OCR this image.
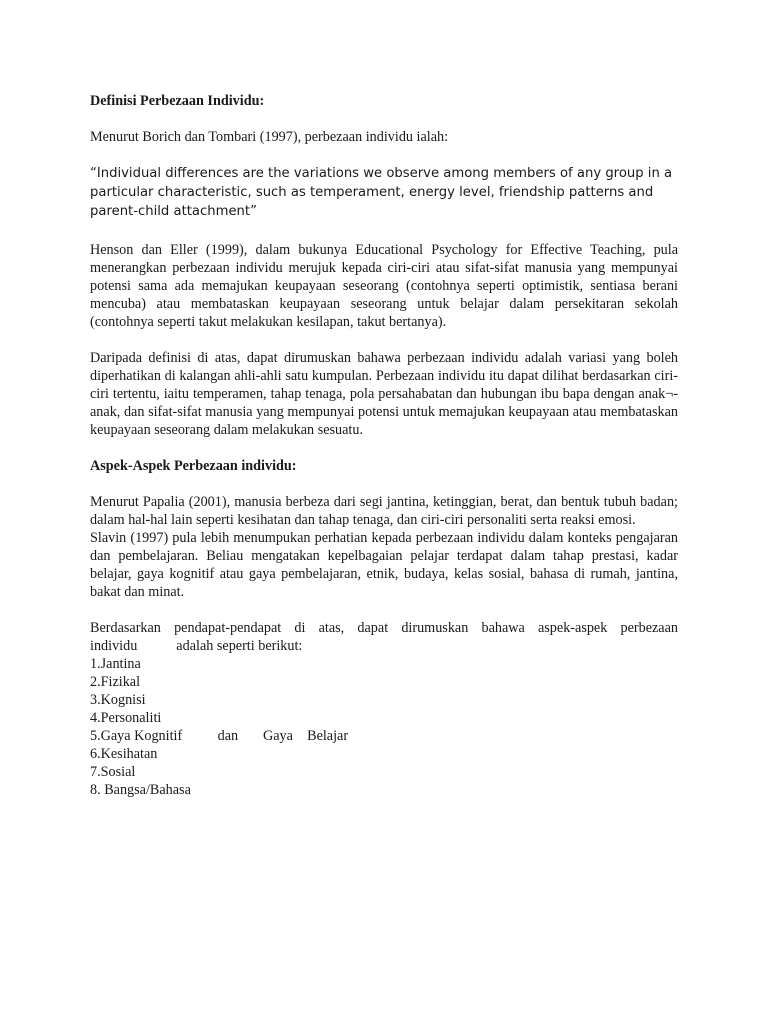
Definisi Perbezaan Individu:

Menurut Borich dan Tombari (1997), perbezaan individu ialah:

“Individual differences are the variations we observe among members of any group in a particular characteristic, such as temperament, energy level, friendship patterns and parent-child attachment”

Henson dan Eller (1999), dalam bukunya Educational Psychology for Effective Teaching, pula menerangkan perbezaan individu merujuk kepada ciri-ciri atau sifat-sifat manusia yang mempunyai potensi sama ada memajukan keupayaan seseorang (contohnya seperti optimistik, sentiasa berani mencuba) atau membataskan keupayaan seseorang untuk belajar dalam persekitaran sekolah (contohnya seperti takut melakukan kesilapan, takut bertanya).

Daripada definisi di atas, dapat dirumuskan bahawa perbezaan individu adalah variasi yang boleh diperhatikan di kalangan ahli-ahli satu kumpulan. Perbezaan individu itu dapat dilihat berdasarkan ciri-ciri tertentu, iaitu temperamen, tahap tenaga, pola persahabatan dan hubungan ibu bapa dengan anak¬-anak, dan sifat-sifat manusia yang mempunyai potensi untuk memajukan keupayaan atau membataskan keupayaan seseorang dalam melakukan sesuatu.

Aspek-Aspek Perbezaan individu:

Menurut Papalia (2001), manusia berbeza dari segi jantina, ketinggian, berat, dan bentuk tubuh badan; dalam hal-hal lain seperti kesihatan dan tahap tenaga, dan ciri-ciri personaliti serta reaksi emosi.

Slavin (1997) pula lebih menumpukan perhatian kepada perbezaan individu dalam konteks pengajaran dan pembelajaran. Beliau mengatakan kepelbagaian pelajar terdapat dalam tahap prestasi, kadar belajar, gaya kognitif atau gaya pembelajaran, etnik, budaya, kelas sosial, bahasa di rumah, jantina, bakat dan minat.

Berdasarkan pendapat-pendapat di atas, dapat dirumuskan bahawa aspek-aspek perbezaan

individu           adalah seperti berikut:

1.Jantina
2.Fizikal
3.Kognisi
4.Personaliti
5.Gaya Kognitif          dan       Gaya    Belajar
6.Kesihatan
7.Sosial
8. Bangsa/Bahasa
